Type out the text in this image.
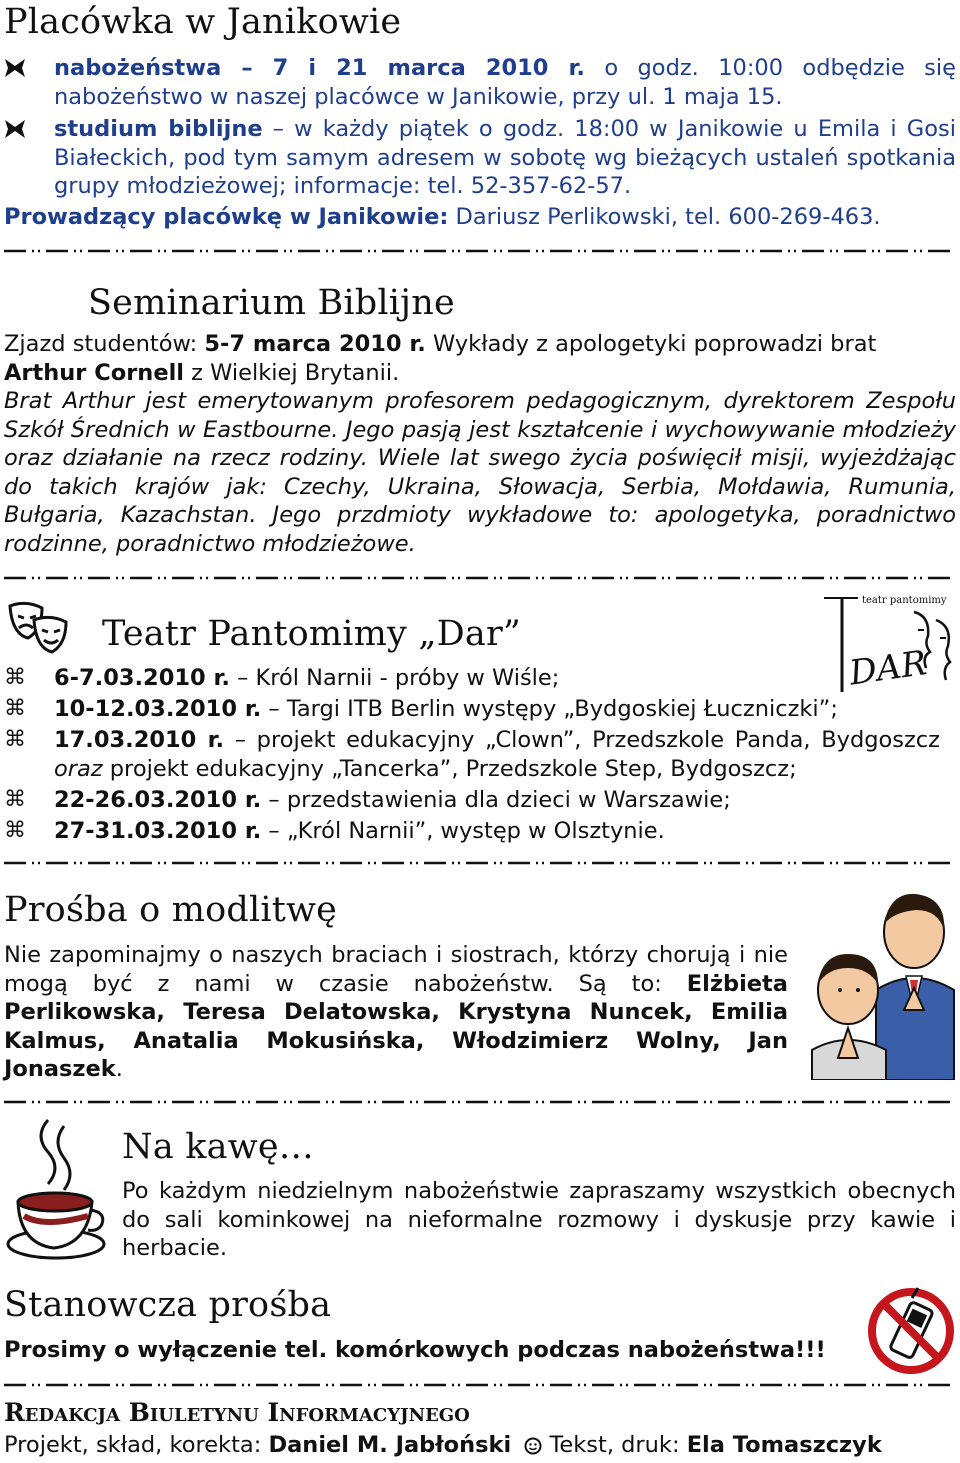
Placówka w Janikowie

nabożeństwa – 7 i 21 marca 2010 r. o godz. 10:00 odbędzie się nabożeństwo w naszej placówce w Janikowie, przy ul. 1 maja 15.

studium biblijne – w każdy piątek o godz. 18:00 w Janikowie u Emila i Gosi Białeckich, pod tym samym adresem w sobotę wg bieżących ustaleń spotkania grupy młodzieżowej; informacje: tel. 52-357-62-57.

Prowadzący placówkę w Janikowie: Dariusz Perlikowski, tel. 600-269-463.

Seminarium Biblijne

Zjazd studentów: 5-7 marca 2010 r. Wykłady z apologetyki poprowadzi brat Arthur Cornell z Wielkiej Brytanii.

Brat Arthur jest emerytowanym profesorem pedagogicznym, dyrektorem Zespołu Szkół Średnich w Eastbourne. Jego pasją jest kształcenie i wychowywanie młodzieży oraz działanie na rzecz rodziny. Wiele lat swego życia poświęcił misji, wyjeżdżając do takich krajów jak: Czechy, Ukraina, Słowacja, Serbia, Mołdawia, Rumunia, Bułgaria, Kazachstan. Jego przdmioty wykładowe to: apologetyka, poradnictwo rodzinne, poradnictwo młodzieżowe.

Teatr Pantomimy „Dar”
teatr pantomimy
DAR
⌘	6-7.03.2010 r. – Król Narnii - próby w Wiśle;

⌘	10-12.03.2010 r. – Targi ITB Berlin występy „Bydgoskiej Łuczniczki”;

⌘	17.03.2010 r. – projekt edukacyjny „Clown”, Przedszkole Panda, Bydgoszcz oraz projekt edukacyjny „Tancerka”, Przedszkole Step, Bydgoszcz;

⌘	22-26.03.2010 r. – przedstawienia dla dzieci w Warszawie;

⌘	27-31.03.2010 r. – „Król Narnii”, występ w Olsztynie.

Prośba o modlitwę

Nie zapominajmy o naszych braciach i siostrach, którzy chorują i nie mogą być z nami w czasie nabożeństw. Są to: Elżbieta Perlikowska, Teresa Delatowska, Krystyna Nuncek, Emilia Kalmus, Anatalia Mokusińska, Włodzimierz Wolny, Jan Jonaszek.

Na kawę…

Po każdym niedzielnym nabożeństwie zapraszamy wszystkich obecnych do sali kominkowej na nieformalne rozmowy i dyskusje przy kawie i herbacie.

Stanowcza prośba

Prosimy o wyłączenie tel. komórkowych podczas nabożeństwa!!!

Redakcja Biuletynu Informacyjnego

Projekt, skład, korekta: Daniel M. Jabłoński  Tekst, druk: Ela Tomaszczyk
